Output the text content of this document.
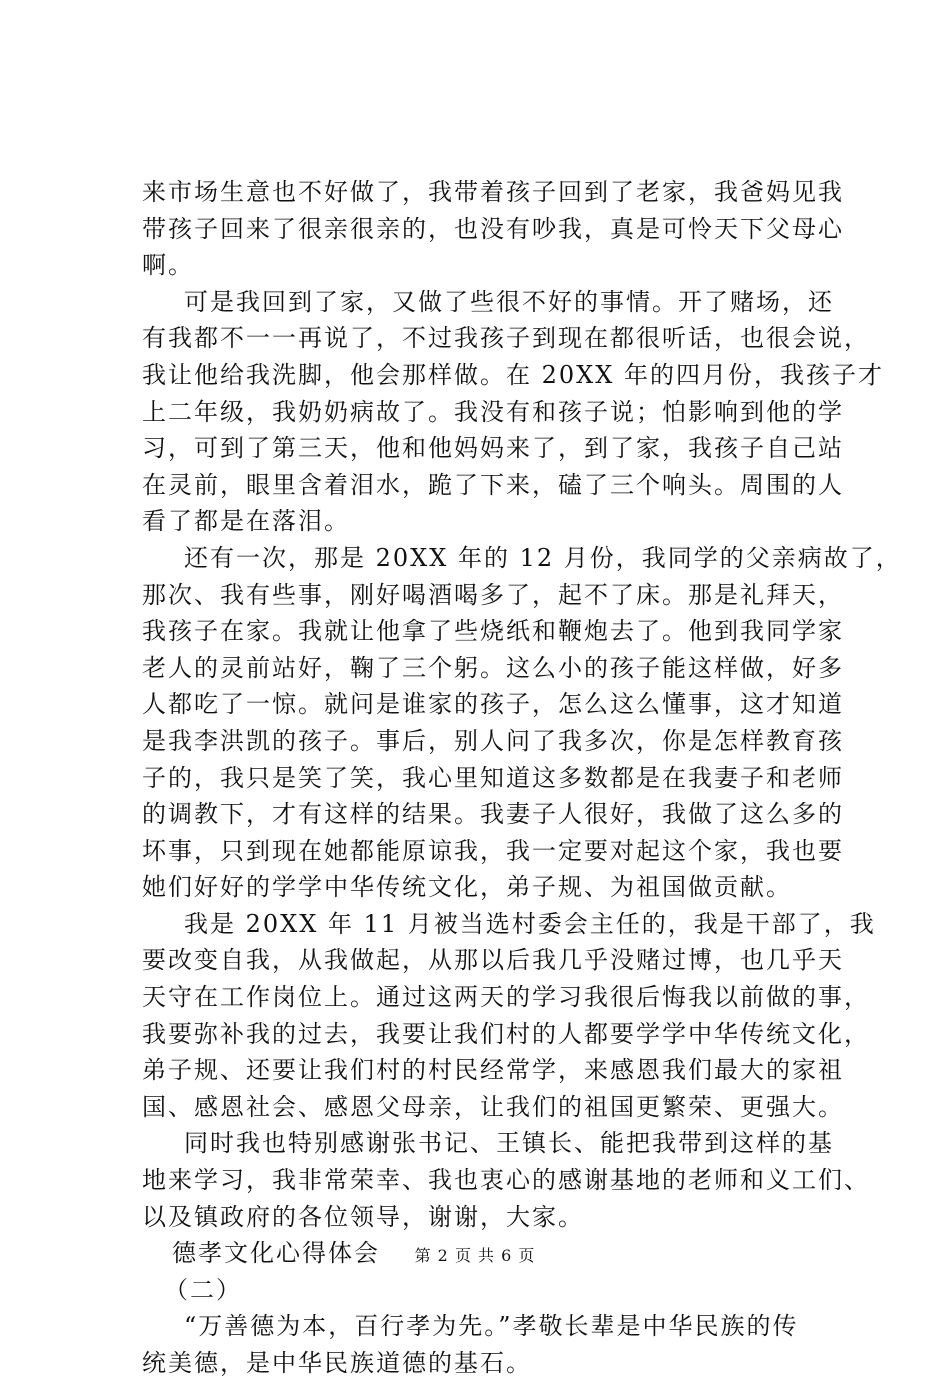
来市场生意也不好做了，我带着孩子回到了老家，我爸妈见我
带孩子回来了很亲很亲的，也没有吵我，真是可怜天下父母心
啊。
可是我回到了家，又做了些很不好的事情。开了赌场，还
有我都不一一再说了，不过我孩子到现在都很听话，也很会说，
我让他给我洗脚，他会那样做。在 20XX 年的四月份，我孩子才
上二年级，我奶奶病故了。我没有和孩子说；怕影响到他的学
习，可到了第三天，他和他妈妈来了，到了家，我孩子自己站
在灵前，眼里含着泪水，跪了下来，磕了三个响头。周围的人
看了都是在落泪。
还有一次，那是 20XX 年的 12 月份，我同学的父亲病故了，
那次、我有些事，刚好喝酒喝多了，起不了床。那是礼拜天，
我孩子在家。我就让他拿了些烧纸和鞭炮去了。他到我同学家
老人的灵前站好，鞠了三个躬。这么小的孩子能这样做，好多
人都吃了一惊。就问是谁家的孩子，怎么这么懂事，这才知道
是我李洪凯的孩子。事后，别人问了我多次，你是怎样教育孩
子的，我只是笑了笑，我心里知道这多数都是在我妻子和老师
的调教下，才有这样的结果。我妻子人很好，我做了这么多的
坏事，只到现在她都能原谅我，我一定要对起这个家，我也要
她们好好的学学中华传统文化，弟子规、为祖国做贡献。
我是 20XX 年 11 月被当选村委会主任的，我是干部了，我
要改变自我，从我做起，从那以后我几乎没赌过博，也几乎天
天守在工作岗位上。通过这两天的学习我很后悔我以前做的事，
我要弥补我的过去，我要让我们村的人都要学学中华传统文化，
弟子规、还要让我们村的村民经常学，来感恩我们最大的家祖
国、感恩社会、感恩父母亲，让我们的祖国更繁荣、更强大。
同时我也特别感谢张书记、王镇长、能把我带到这样的基
地来学习，我非常荣幸、我也衷心的感谢基地的老师和义工们、
以及镇政府的各位领导，谢谢，大家。
德孝文化心得体会
（二）
“万善德为本，百行孝为先。”孝敬长辈是中华民族的传
统美德，是中华民族道德的基石。
第 2 页 共 6 页
